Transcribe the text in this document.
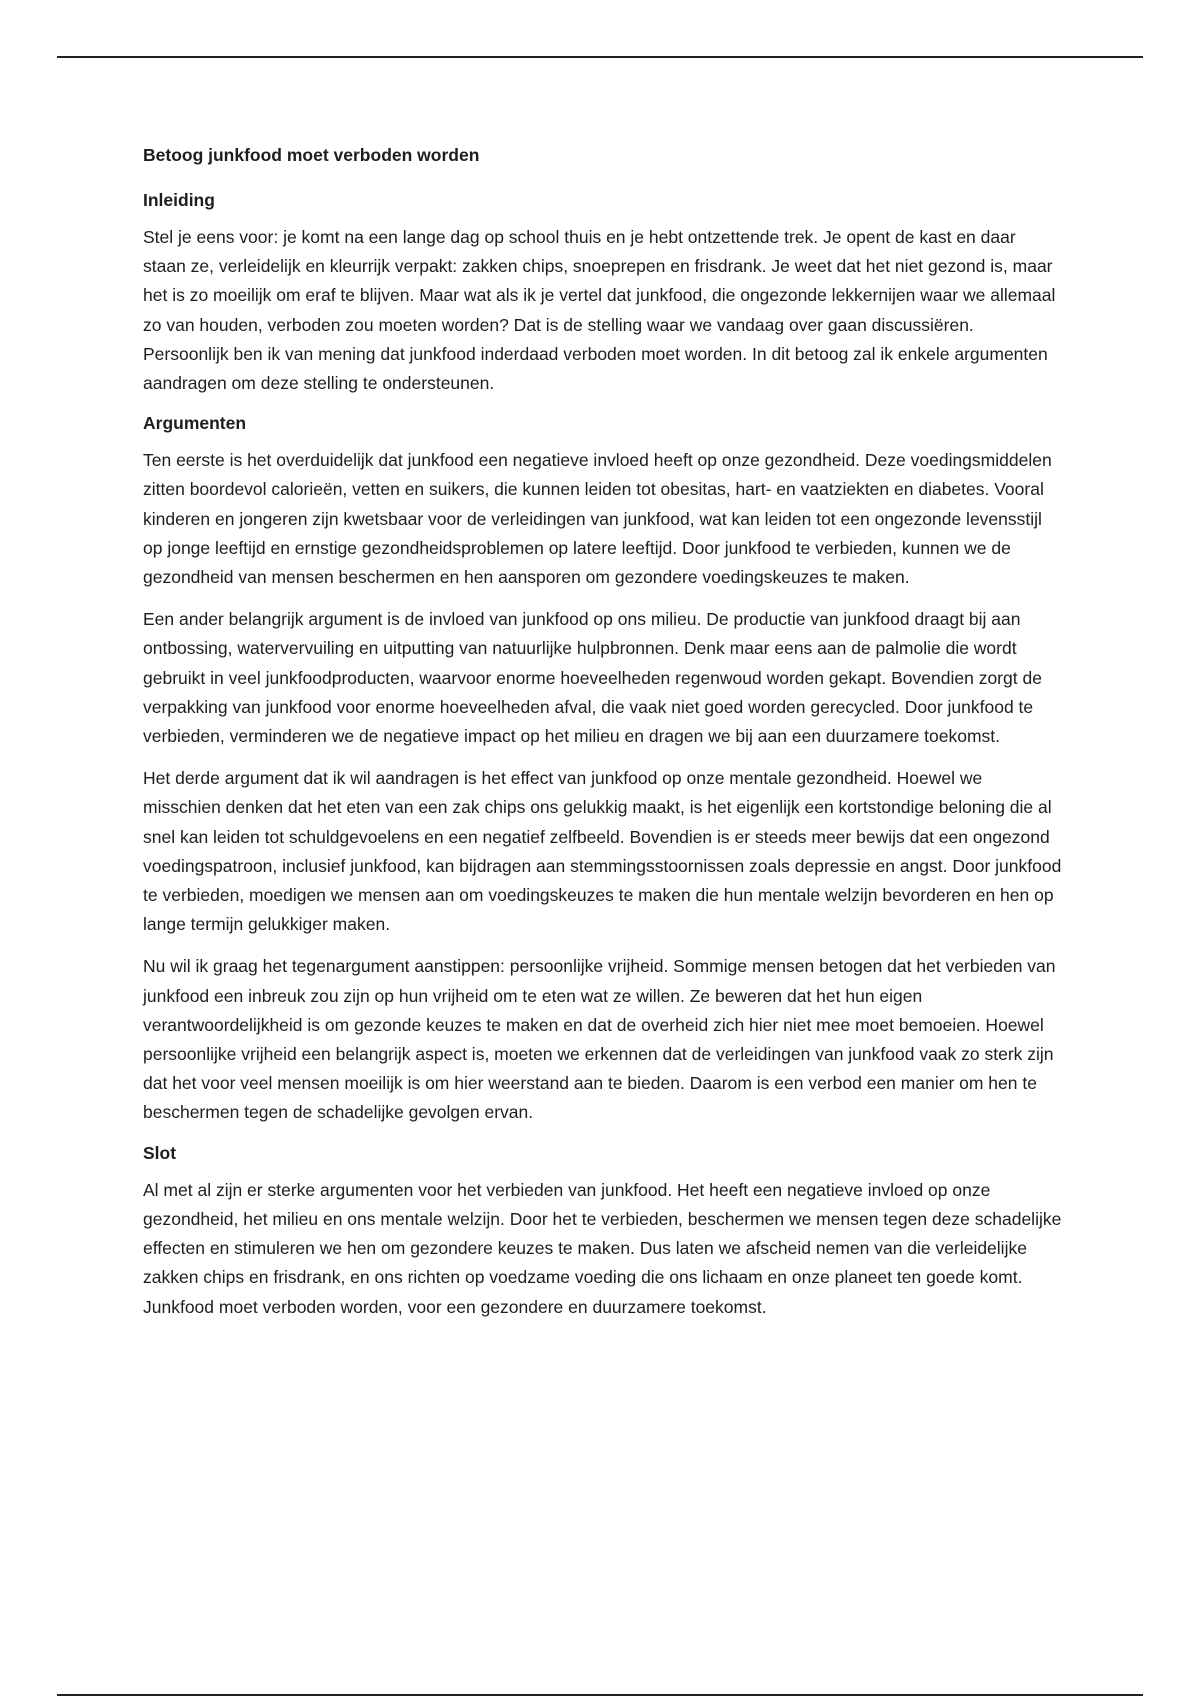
Betoog junkfood moet verboden worden
Inleiding

Stel je eens voor: je komt na een lange dag op school thuis en je hebt ontzettende trek. Je opent de kast en daar staan ze, verleidelijk en kleurrijk verpakt: zakken chips, snoeprepen en frisdrank. Je weet dat het niet gezond is, maar het is zo moeilijk om eraf te blijven. Maar wat als ik je vertel dat junkfood, die ongezonde lekkernijen waar we allemaal zo van houden, verboden zou moeten worden? Dat is de stelling waar we vandaag over gaan discussiëren. Persoonlijk ben ik van mening dat junkfood inderdaad verboden moet worden. In dit betoog zal ik enkele argumenten aandragen om deze stelling te ondersteunen.

Argumenten

Ten eerste is het overduidelijk dat junkfood een negatieve invloed heeft op onze gezondheid. Deze voedingsmiddelen zitten boordevol calorieën, vetten en suikers, die kunnen leiden tot obesitas, hart- en vaatziekten en diabetes. Vooral kinderen en jongeren zijn kwetsbaar voor de verleidingen van junkfood, wat kan leiden tot een ongezonde levensstijl op jonge leeftijd en ernstige gezondheidsproblemen op latere leeftijd. Door junkfood te verbieden, kunnen we de gezondheid van mensen beschermen en hen aansporen om gezondere voedingskeuzes te maken.

Een ander belangrijk argument is de invloed van junkfood op ons milieu. De productie van junkfood draagt bij aan ontbossing, watervervuiling en uitputting van natuurlijke hulpbronnen. Denk maar eens aan de palmolie die wordt gebruikt in veel junkfoodproducten, waarvoor enorme hoeveelheden regenwoud worden gekapt. Bovendien zorgt de verpakking van junkfood voor enorme hoeveelheden afval, die vaak niet goed worden gerecycled. Door junkfood te verbieden, verminderen we de negatieve impact op het milieu en dragen we bij aan een duurzamere toekomst.

Het derde argument dat ik wil aandragen is het effect van junkfood op onze mentale gezondheid. Hoewel we misschien denken dat het eten van een zak chips ons gelukkig maakt, is het eigenlijk een kortstondige beloning die al snel kan leiden tot schuldgevoelens en een negatief zelfbeeld. Bovendien is er steeds meer bewijs dat een ongezond voedingspatroon, inclusief junkfood, kan bijdragen aan stemmingsstoornissen zoals depressie en angst. Door junkfood te verbieden, moedigen we mensen aan om voedingskeuzes te maken die hun mentale welzijn bevorderen en hen op lange termijn gelukkiger maken.

Nu wil ik graag het tegenargument aanstippen: persoonlijke vrijheid. Sommige mensen betogen dat het verbieden van junkfood een inbreuk zou zijn op hun vrijheid om te eten wat ze willen. Ze beweren dat het hun eigen verantwoordelijkheid is om gezonde keuzes te maken en dat de overheid zich hier niet mee moet bemoeien. Hoewel persoonlijke vrijheid een belangrijk aspect is, moeten we erkennen dat de verleidingen van junkfood vaak zo sterk zijn dat het voor veel mensen moeilijk is om hier weerstand aan te bieden. Daarom is een verbod een manier om hen te beschermen tegen de schadelijke gevolgen ervan.

Slot

Al met al zijn er sterke argumenten voor het verbieden van junkfood. Het heeft een negatieve invloed op onze gezondheid, het milieu en ons mentale welzijn. Door het te verbieden, beschermen we mensen tegen deze schadelijke effecten en stimuleren we hen om gezondere keuzes te maken. Dus laten we afscheid nemen van die verleidelijke zakken chips en frisdrank, en ons richten op voedzame voeding die ons lichaam en onze planeet ten goede komt. Junkfood moet verboden worden, voor een gezondere en duurzamere toekomst.
